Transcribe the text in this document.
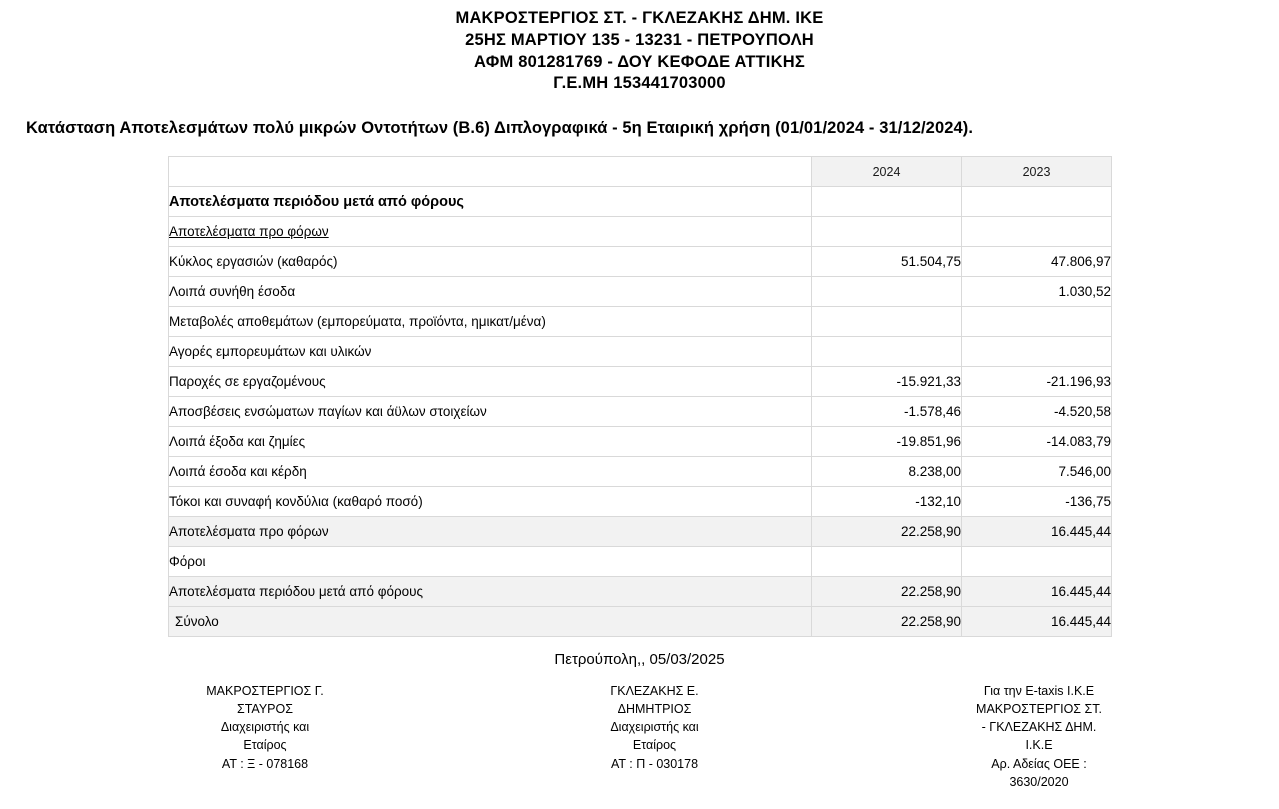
ΜΑΚΡΟΣΤΕΡΓΙΟΣ ΣΤ. - ΓΚΛΕΖΑΚΗΣ ΔΗΜ. ΙΚΕ
25ΗΣ ΜΑΡΤΙΟΥ 135 - 13231 - ΠΕΤΡΟΥΠΟΛΗ
ΑΦΜ 801281769 - ΔΟΥ ΚΕΦΟΔΕ ΑΤΤΙΚΗΣ
Γ.Ε.ΜΗ 153441703000
Κατάσταση Αποτελεσμάτων πολύ μικρών Οντοτήτων (Β.6) Διπλογραφικά - 5η Εταιρική χρήση (01/01/2024 - 31/12/2024).
	2024	2023
Αποτελέσματα περιόδου μετά από φόρους		
Αποτελέσματα προ φόρων		
Κύκλος εργασιών (καθαρός)	51.504,75	47.806,97
Λοιπά συνήθη έσοδα		1.030,52
Μεταβολές αποθεμάτων (εμπορεύματα, προϊόντα, ημικατ/μένα)		
Αγορές εμπορευμάτων και υλικών		
Παροχές σε εργαζομένους	-15.921,33	-21.196,93
Αποσβέσεις ενσώματων παγίων και άϋλων στοιχείων	-1.578,46	-4.520,58
Λοιπά έξοδα και ζημίες	-19.851,96	-14.083,79
Λοιπά έσοδα και κέρδη	8.238,00	7.546,00
Τόκοι και συναφή κονδύλια (καθαρό ποσό)	-132,10	-136,75
Αποτελέσματα προ φόρων	22.258,90	16.445,44
Φόροι		
Αποτελέσματα περιόδου μετά από φόρους	22.258,90	16.445,44
Σύνολο	22.258,90	16.445,44
Πετρούπολη,, 05/03/2025
ΜΑΚΡΟΣΤΕΡΓΙΟΣ Γ.
ΣΤΑΥΡΟΣ
Διαχειριστής και
Εταίρος
ΑΤ : Ξ - 078168
ΓΚΛΕΖΑΚΗΣ Ε.
ΔΗΜΗΤΡΙΟΣ
Διαχειριστής και
Εταίρος
ΑΤ : Π - 030178
Για την E-taxis I.K.E
ΜΑΚΡΟΣΤΕΡΓΙΟΣ ΣΤ.
- ΓΚΛΕΖΑΚΗΣ ΔΗΜ.
I.K.E
Αρ. Αδείας ΟΕΕ :
3630/2020
